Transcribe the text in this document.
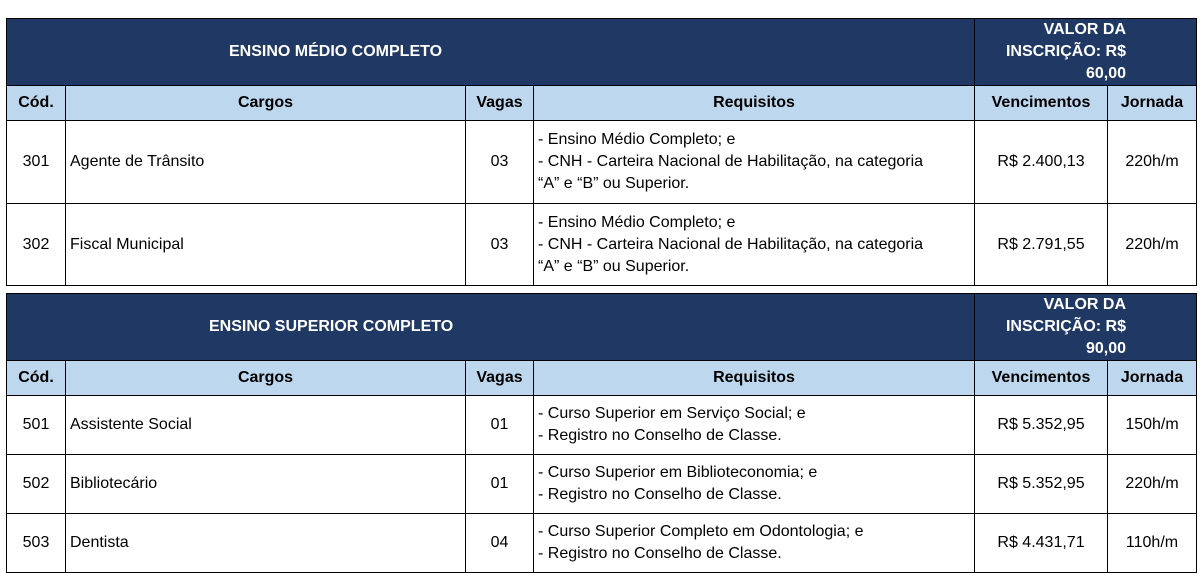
ENSINO MÉDIO COMPLETO				VALOR DA INSCRIÇÃO: R$ 60,00	
Cód.	Cargos	Vagas	Requisitos	Vencimentos	Jornada
301	Agente de Trânsito	03	- Ensino Médio Completo; e
- CNH - Carteira Nacional de Habilitação, na categoria
“A” e “B” ou Superior.	R$ 2.400,13	220h/m
302	Fiscal Municipal	03	- Ensino Médio Completo; e
- CNH - Carteira Nacional de Habilitação, na categoria
“A” e “B” ou Superior.	R$ 2.791,55	220h/m
ENSINO SUPERIOR COMPLETO				VALOR DA INSCRIÇÃO: R$ 90,00	
Cód.	Cargos	Vagas	Requisitos	Vencimentos	Jornada
501	Assistente Social	01	- Curso Superior em Serviço Social; e
- Registro no Conselho de Classe.	R$ 5.352,95	150h/m
502	Bibliotecário	01	- Curso Superior em Biblioteconomia; e
- Registro no Conselho de Classe.	R$ 5.352,95	220h/m
503	Dentista	04	- Curso Superior Completo em Odontologia; e
- Registro no Conselho de Classe.	R$ 4.431,71	110h/m
